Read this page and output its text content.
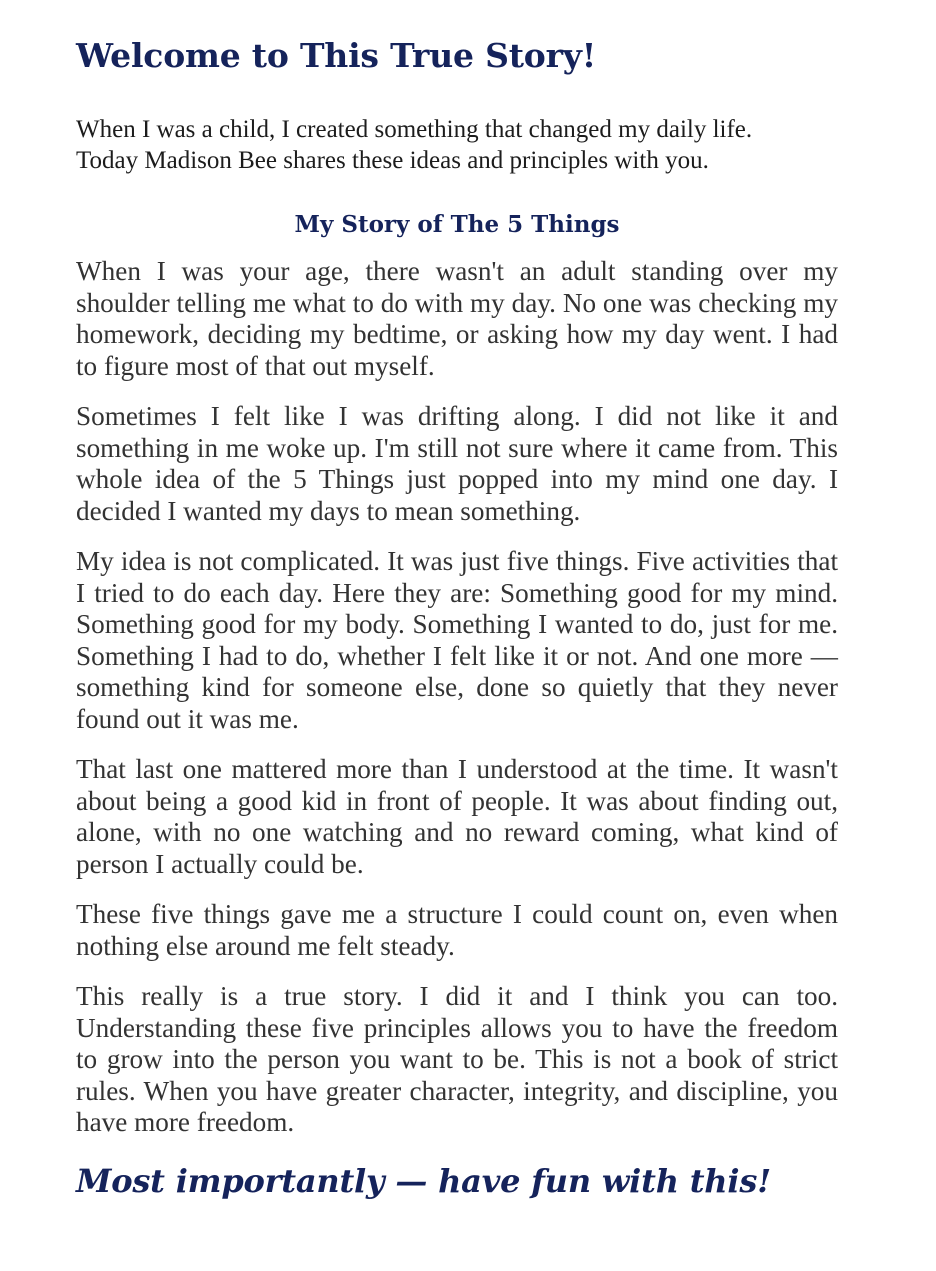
Welcome to This True Story!

When I was a child, I created something that changed my daily life.

Today Madison Bee shares these ideas and principles with you.

My Story of The 5 Things

When I was your age, there wasn't an adult standing over my shoulder telling me what to do with my day. No one was checking my homework, deciding my bedtime, or asking how my day went. I had to figure most of that out myself.

Sometimes I felt like I was drifting along. I did not like it and something in me woke up. I'm still not sure where it came from. This whole idea of the 5 Things just popped into my mind one day. I decided I wanted my days to mean something.

My idea is not complicated. It was just five things. Five activities that I tried to do each day. Here they are: Something good for my mind. Something good for my body. Something I wanted to do, just for me. Something I had to do, whether I felt like it or not. And one more — something kind for someone else, done so quietly that they never found out it was me.

That last one mattered more than I understood at the time. It wasn't about being a good kid in front of people. It was about finding out, alone, with no one watching and no reward coming, what kind of person I actually could be.

These five things gave me a structure I could count on, even when nothing else around me felt steady.

This really is a true story. I did it and I think you can too. Understanding these five principles allows you to have the freedom to grow into the person you want to be. This is not a book of strict rules. When you have greater character, integrity, and discipline, you have more freedom.

Most importantly — have fun with this!
